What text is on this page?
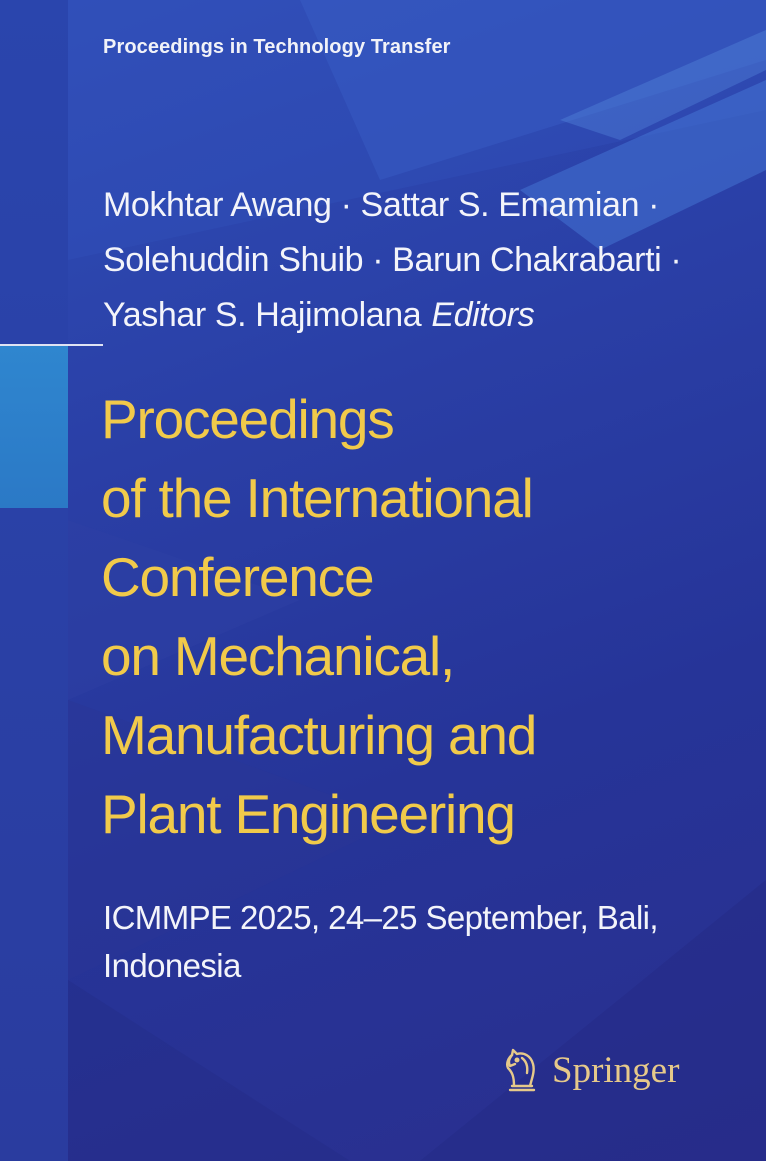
Proceedings in Technology Transfer
Mokhtar Awang · Sattar S. Emamian ·
Solehuddin Shuib · Barun Chakrabarti ·
Yashar S. Hajimolana Editors
Proceedings
of the International
Conference
on Mechanical,
Manufacturing and
Plant Engineering
ICMMPE 2025, 24–25 September, Bali,
Indonesia
Springer
